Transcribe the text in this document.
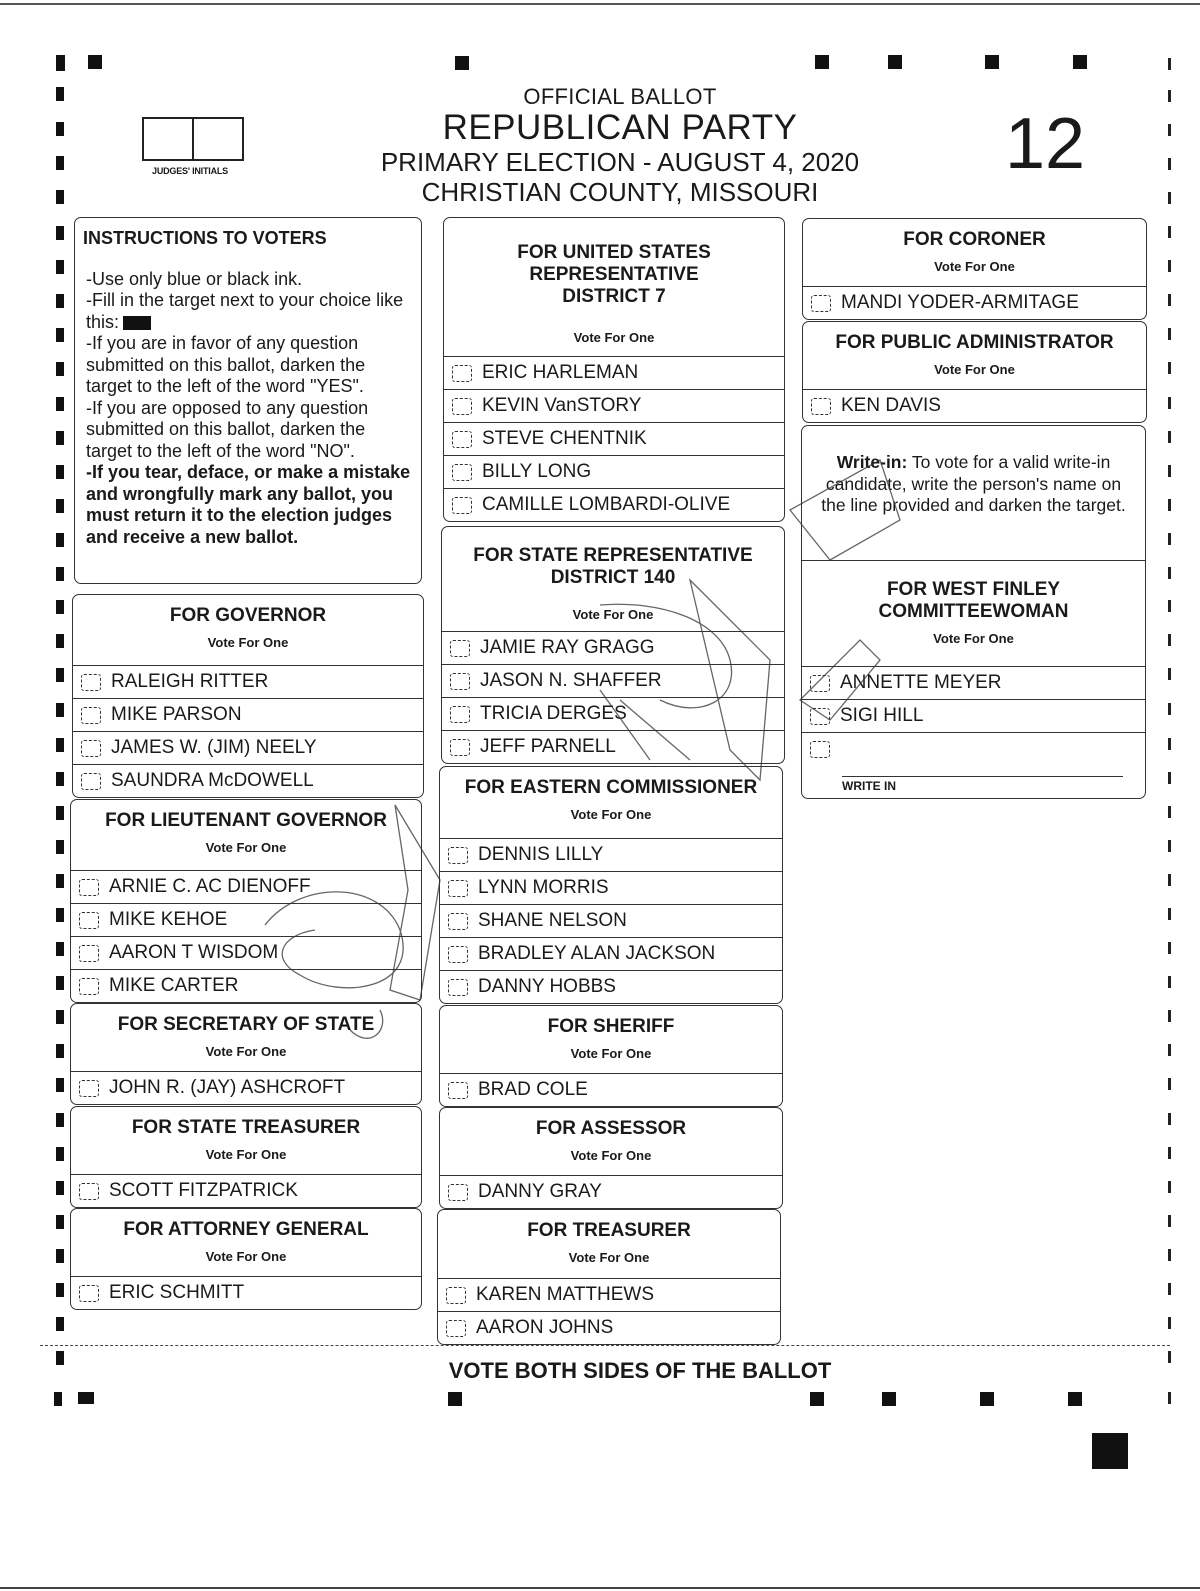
JUDGES' INITIALS
OFFICIAL BALLOT
REPUBLICAN PARTY
PRIMARY ELECTION - AUGUST 4, 2020
CHRISTIAN COUNTY, MISSOURI
12
INSTRUCTIONS TO VOTERS
-Use only blue or black ink.
-Fill in the target next to your choice like this:
-If you are in favor of any question submitted on this ballot, darken the target to the left of the word "YES".
-If you are opposed to any question submitted on this ballot, darken the target to the left of the word "NO".
-If you tear, deface, or make a mistake and wrongfully mark any ballot, you must return it to the election judges and receive a new ballot.
FOR GOVERNOR
Vote For One
RALEIGH RITTER
MIKE PARSON
JAMES W. (JIM) NEELY
SAUNDRA McDOWELL
FOR LIEUTENANT GOVERNOR
Vote For One
ARNIE C. AC DIENOFF
MIKE KEHOE
AARON T WISDOM
MIKE CARTER
FOR SECRETARY OF STATE
Vote For One
JOHN R. (JAY) ASHCROFT
FOR STATE TREASURER
Vote For One
SCOTT FITZPATRICK
FOR ATTORNEY GENERAL
Vote For One
ERIC SCHMITT
FOR UNITED STATES REPRESENTATIVE DISTRICT 7
Vote For One
ERIC HARLEMAN
KEVIN VanSTORY
STEVE CHENTNIK
BILLY LONG
CAMILLE LOMBARDI-OLIVE
FOR STATE REPRESENTATIVE DISTRICT 140
Vote For One
JAMIE RAY GRAGG
JASON N. SHAFFER
TRICIA DERGES
JEFF PARNELL
FOR EASTERN COMMISSIONER
Vote For One
DENNIS LILLY
LYNN MORRIS
SHANE NELSON
BRADLEY ALAN JACKSON
DANNY HOBBS
FOR SHERIFF
Vote For One
BRAD COLE
FOR ASSESSOR
Vote For One
DANNY GRAY
FOR TREASURER
Vote For One
KAREN MATTHEWS
AARON JOHNS
FOR CORONER
Vote For One
MANDI YODER-ARMITAGE
FOR PUBLIC ADMINISTRATOR
Vote For One
KEN DAVIS
Write-in: To vote for a valid write-in candidate, write the person's name on the line provided and darken the target.
FOR WEST FINLEY COMMITTEEWOMAN
Vote For One
ANNETTE MEYER
SIGI HILL
WRITE IN
VOTE BOTH SIDES OF THE BALLOT
